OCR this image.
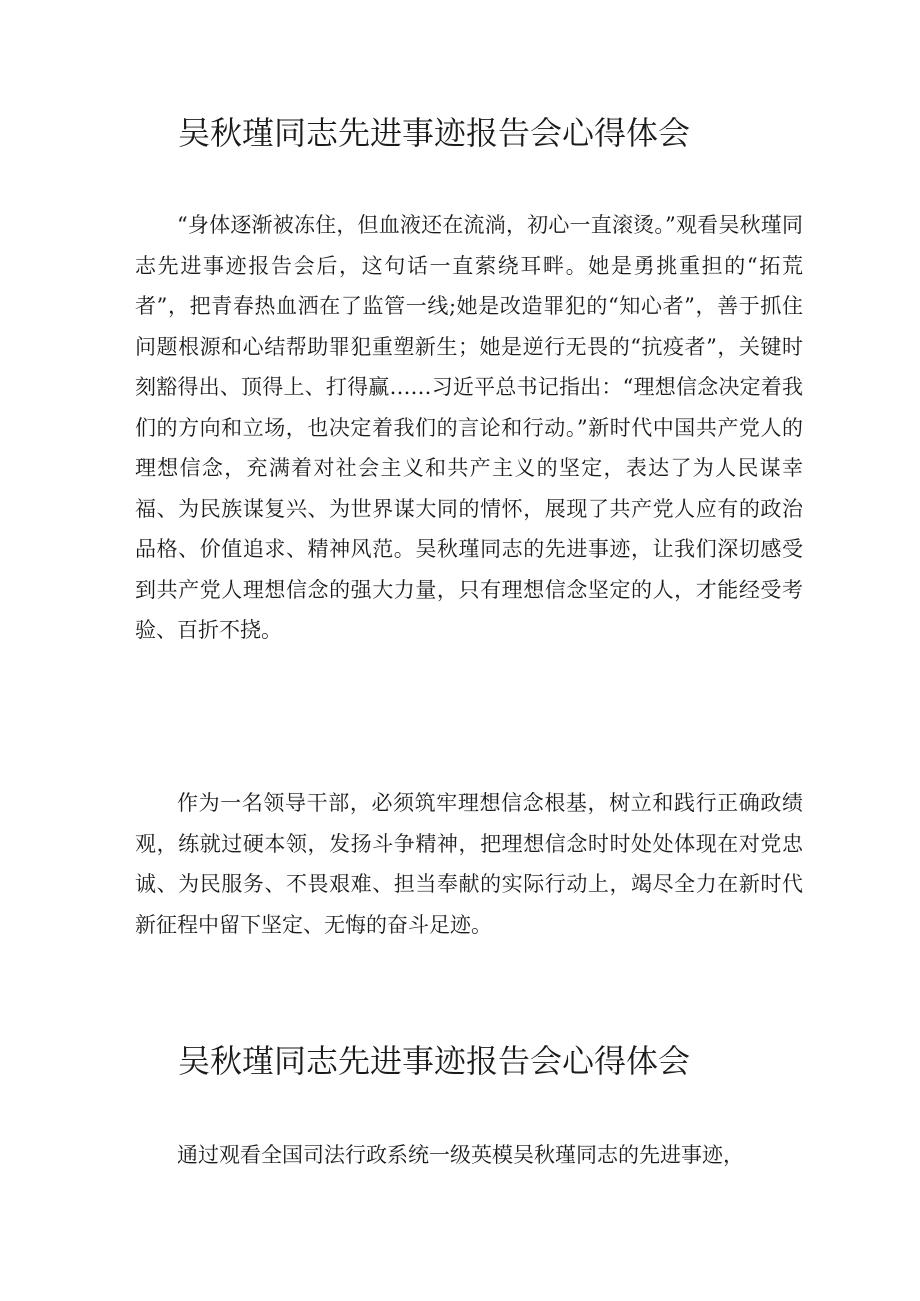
吴秋瑾同志先进事迹报告会心得体会

“身体逐渐被冻住，但血液还在流淌，初心一直滚烫。”观看吴秋瑾同志先进事迹报告会后，这句话一直萦绕耳畔。她是勇挑重担的“拓荒者”，把青春热血洒在了监管一线;她是改造罪犯的“知心者”，善于抓住问题根源和心结帮助罪犯重塑新生；她是逆行无畏的“抗疫者”，关键时刻豁得出、顶得上、打得赢……习近平总书记指出：“理想信念决定着我们的方向和立场，也决定着我们的言论和行动。”新时代中国共产党人的理想信念，充满着对社会主义和共产主义的坚定，表达了为人民谋幸福、为民族谋复兴、为世界谋大同的情怀，展现了共产党人应有的政治品格、价值追求、精神风范。吴秋瑾同志的先进事迹，让我们深切感受到共产党人理想信念的强大力量，只有理想信念坚定的人，才能经受考验、百折不挠。

作为一名领导干部，必须筑牢理想信念根基，树立和践行正确政绩观，练就过硬本领，发扬斗争精神，把理想信念时时处处体现在对党忠诚、为民服务、不畏艰难、担当奉献的实际行动上，竭尽全力在新时代新征程中留下坚定、无悔的奋斗足迹。

吴秋瑾同志先进事迹报告会心得体会

通过观看全国司法行政系统一级英模吴秋瑾同志的先进事迹，
